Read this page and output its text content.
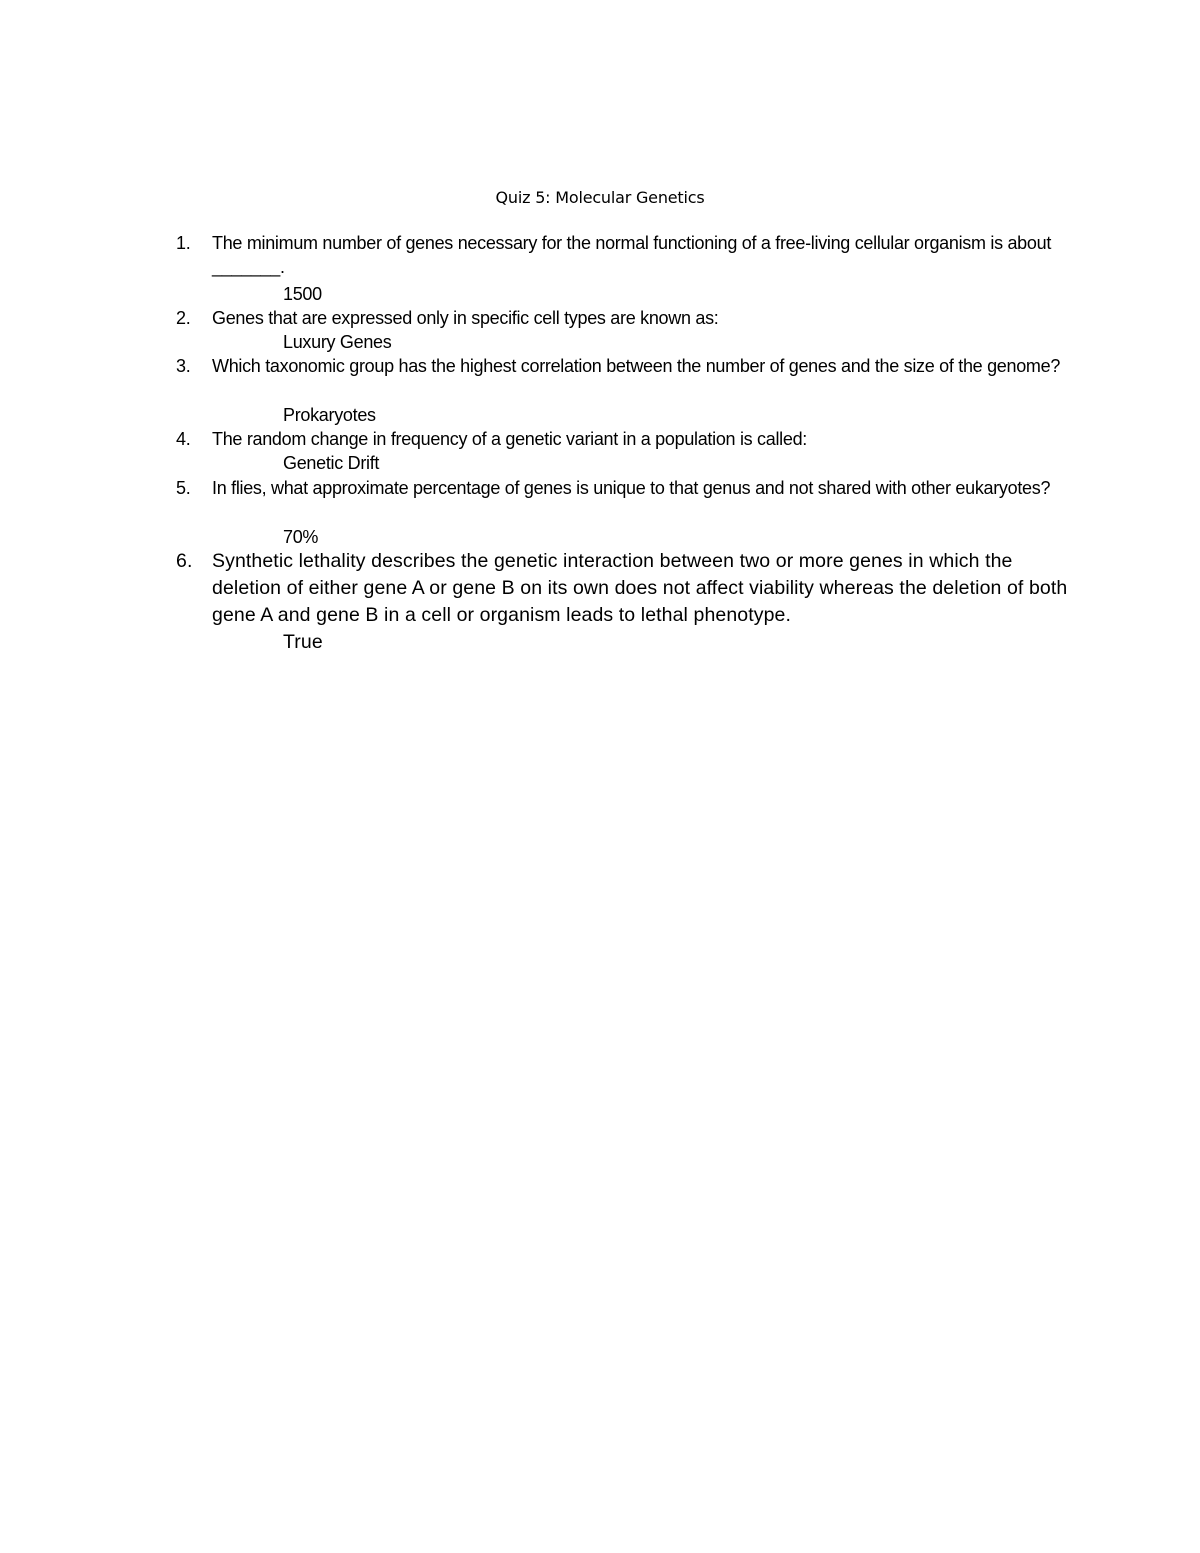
Quiz 5: Molecular Genetics
1. The minimum number of genes necessary for the normal functioning of a free-living cellular organism is about _______.
1500
2. Genes that are expressed only in specific cell types are known as:
Luxury Genes
3. Which taxonomic group has the highest correlation between the number of genes and the size of the genome?
Prokaryotes
4. The random change in frequency of a genetic variant in a population is called:
Genetic Drift
5. In flies, what approximate percentage of genes is unique to that genus and not shared with other eukaryotes?
70%
6. Synthetic lethality describes the genetic interaction between two or more genes in which the deletion of either gene A or gene B on its own does not affect viability whereas the deletion of both gene A and gene B in a cell or organism leads to lethal phenotype.
True
